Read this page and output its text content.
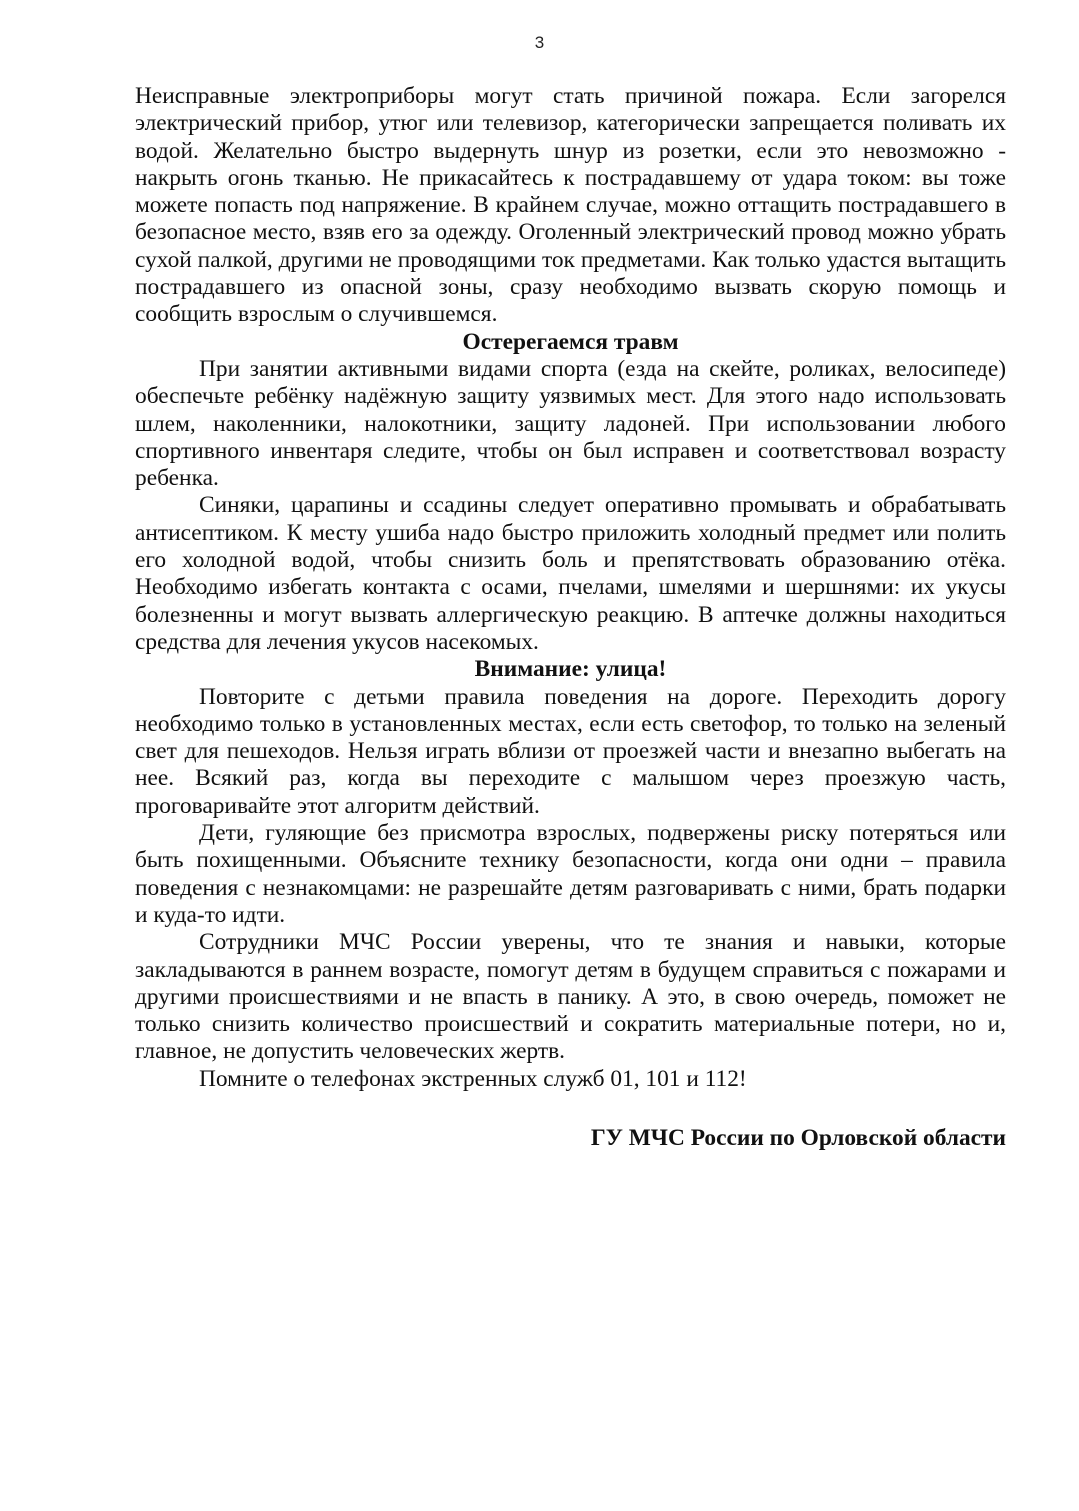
3

Неисправные электроприборы могут стать причиной пожара. Если загорелся электрический прибор, утюг или телевизор, категорически запрещается поливать их водой. Желательно быстро выдернуть шнур из розетки, если это невозможно - накрыть огонь тканью. Не прикасайтесь к пострадавшему от удара током: вы тоже можете попасть под напряжение. В крайнем случае, можно оттащить пострадавшего в безопасное место, взяв его за одежду. Оголенный электрический провод можно убрать сухой палкой, другими не проводящими ток предметами. Как только удастся вытащить пострадавшего из опасной зоны, сразу необходимо вызвать скорую помощь и сообщить взрослым о случившемся.

Остерегаемся травм

При занятии активными видами спорта (езда на скейте, роликах, велосипеде) обеспечьте ребёнку надёжную защиту уязвимых мест. Для этого надо использовать шлем, наколенники, налокотники, защиту ладоней. При использовании любого спортивного инвентаря следите, чтобы он был исправен и соответствовал возрасту ребенка.

Синяки, царапины и ссадины следует оперативно промывать и обрабатывать антисептиком. К месту ушиба надо быстро приложить холодный предмет или полить его холодной водой, чтобы снизить боль и препятствовать образованию отёка. Необходимо избегать контакта с осами, пчелами, шмелями и шершнями: их укусы болезненны и могут вызвать аллергическую реакцию. В аптечке должны находиться средства для лечения укусов насекомых.

Внимание: улица!

Повторите с детьми правила поведения на дороге. Переходить дорогу необходимо только в установленных местах, если есть светофор, то только на зеленый свет для пешеходов. Нельзя играть вблизи от проезжей части и внезапно выбегать на нее. Всякий раз, когда вы переходите с малышом через проезжую часть, проговаривайте этот алгоритм действий.

Дети, гуляющие без присмотра взрослых, подвержены риску потеряться или быть похищенными. Объясните технику безопасности, когда они одни – правила поведения с незнакомцами: не разрешайте детям разговаривать с ними, брать подарки и куда-то идти.

Сотрудники МЧС России уверены, что те знания и навыки, которые закладываются в раннем возрасте, помогут детям в будущем справиться с пожарами и другими происшествиями и не впасть в панику. А это, в свою очередь, поможет не только снизить количество происшествий и сократить материальные потери, но и, главное, не допустить человеческих жертв.

Помните о телефонах экстренных служб 01, 101 и 112!

ГУ МЧС России по Орловской области
